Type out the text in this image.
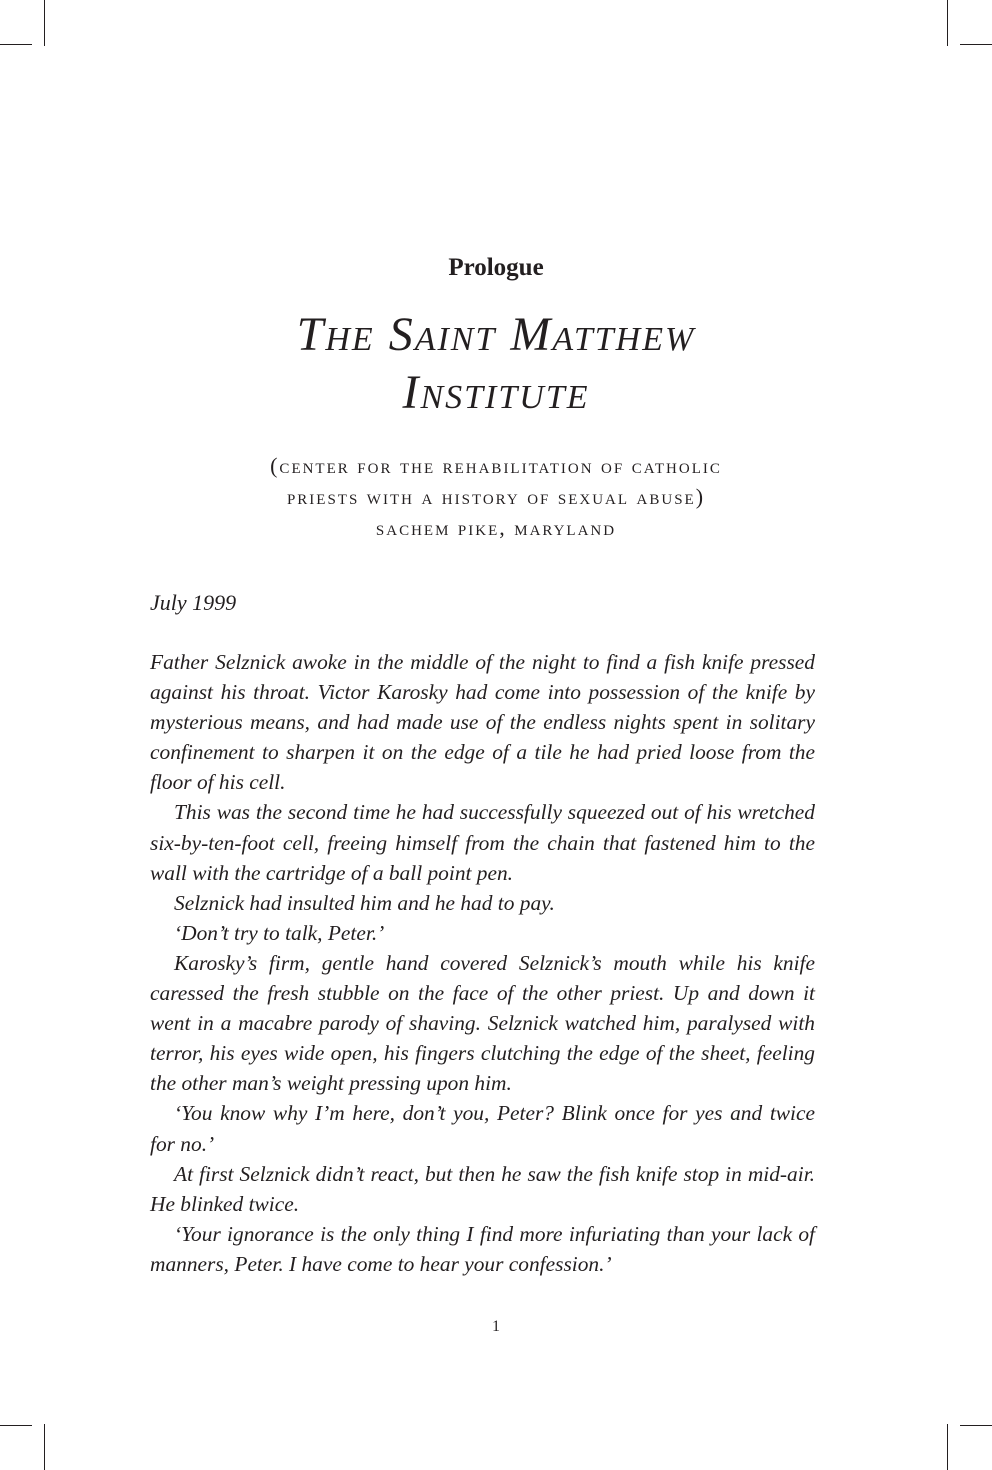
Prologue
The Saint Matthew
Institute
(center for the rehabilitation of catholic
priests with a history of sexual abuse)
sachem pike, maryland

July 1999

Father Selznick awoke in the middle of the night to find a fish knife pressed against his throat. Victor Karosky had come into possession of the knife by mysterious means, and had made use of the endless nights spent in solitary confinement to sharpen it on the edge of a tile he had pried loose from the floor of his cell.

This was the second time he had successfully squeezed out of his wretched six-by-ten-foot cell, freeing himself from the chain that fastened him to the wall with the cartridge of a ball point pen.

Selznick had insulted him and he had to pay.

‘Don’t try to talk, Peter.’

Karosky’s firm, gentle hand covered Selznick’s mouth while his knife caressed the fresh stubble on the face of the other priest. Up and down it went in a macabre parody of shaving. Selznick watched him, paralysed with terror, his eyes wide open, his fingers clutching the edge of the sheet, feeling the other man’s weight pressing upon him.

‘You know why I’m here, don’t you, Peter? Blink once for yes and twice for no.’

At first Selznick didn’t react, but then he saw the fish knife stop in mid-air. He blinked twice.

‘Your ignorance is the only thing I find more infuriating than your lack of manners, Peter. I have come to hear your confession.’

1
